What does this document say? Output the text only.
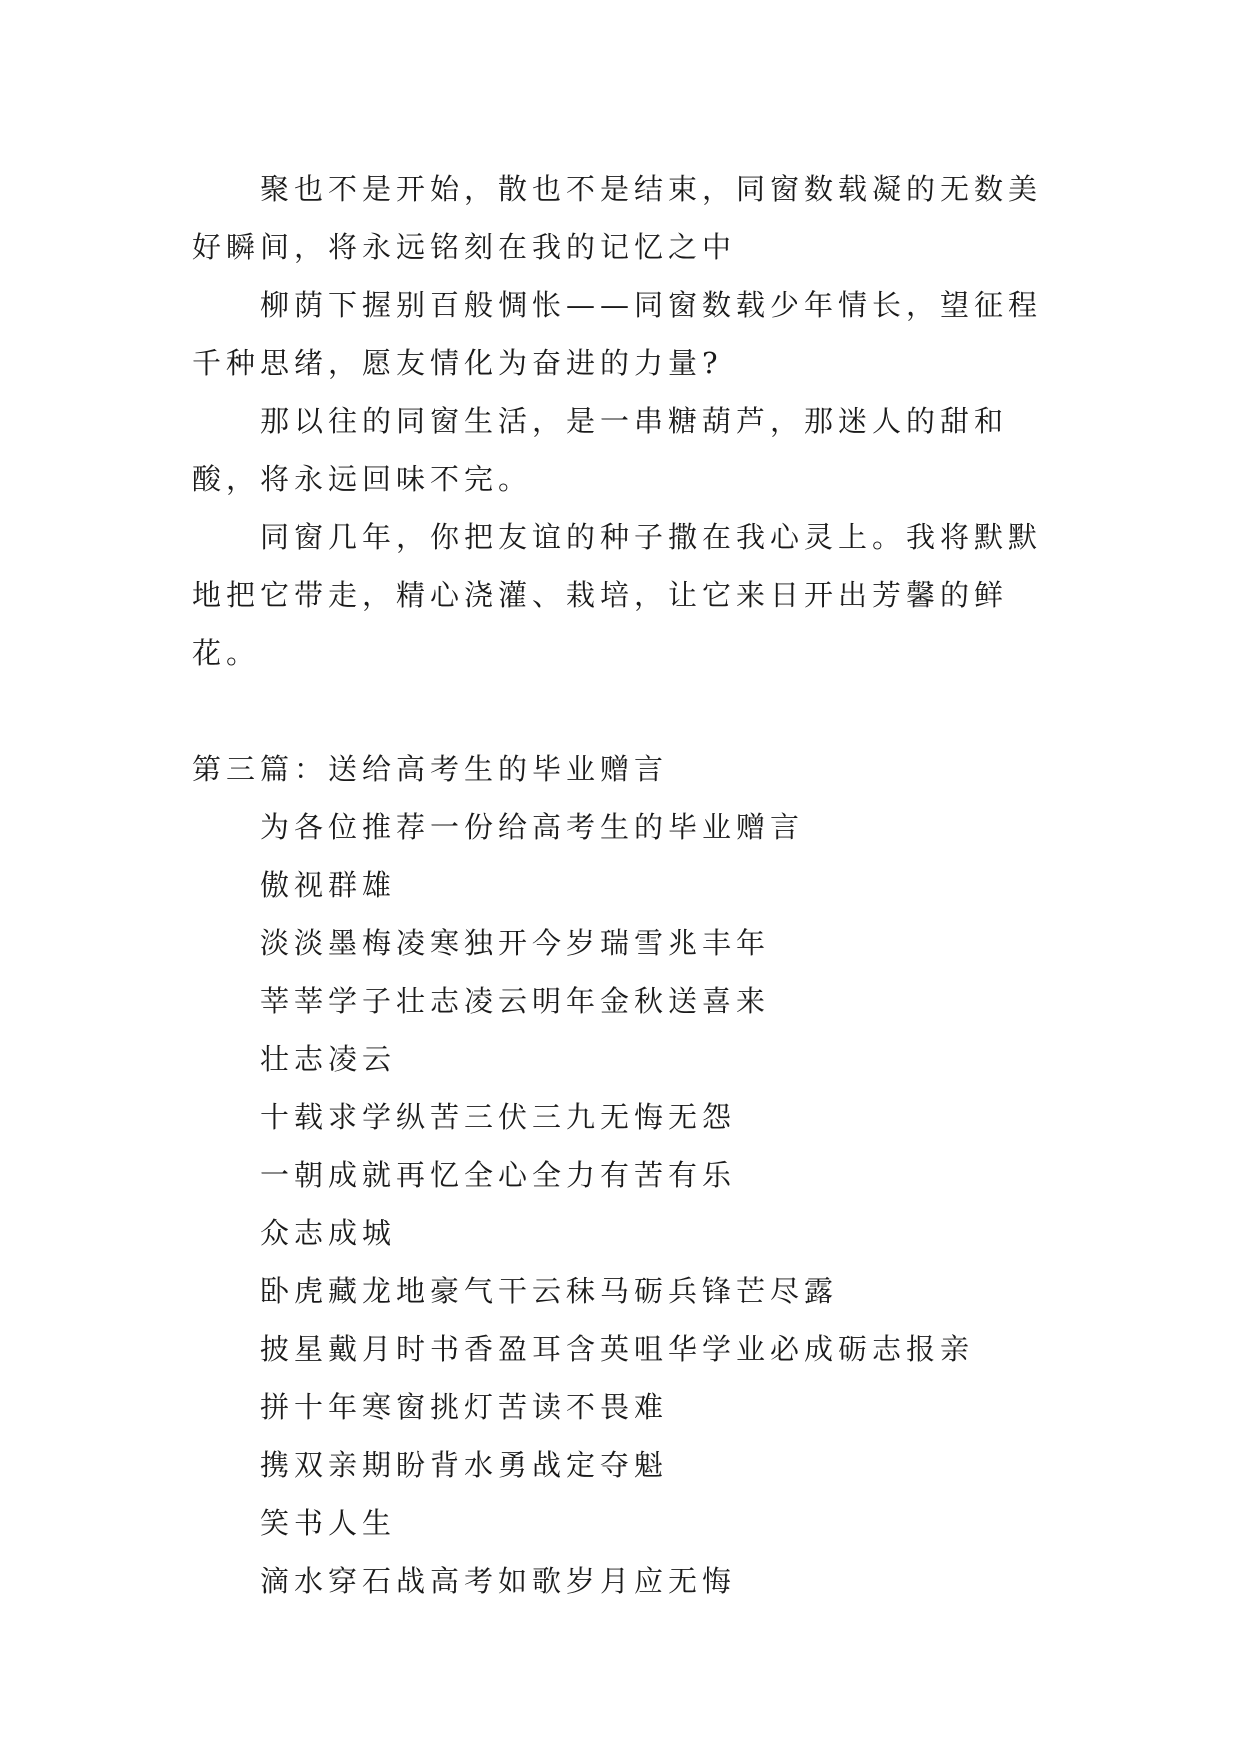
聚也不是开始，散也不是结束，同窗数载凝的无数美好瞬间，将永远铭刻在我的记忆之中

柳荫下握别百般惆怅——同窗数载少年情长，望征程千种思绪，愿友情化为奋进的力量?

那以往的同窗生活，是一串糖葫芦，那迷人的甜和酸，将永远回味不完。

同窗几年，你把友谊的种子撒在我心灵上。我将默默地把它带走，精心浇灌、栽培，让它来日开出芳馨的鲜花。

第三篇：送给高考生的毕业赠言

为各位推荐一份给高考生的毕业赠言

傲视群雄

淡淡墨梅凌寒独开今岁瑞雪兆丰年

莘莘学子壮志凌云明年金秋送喜来

壮志凌云

十载求学纵苦三伏三九无悔无怨

一朝成就再忆全心全力有苦有乐

众志成城

卧虎藏龙地豪气干云秣马砺兵锋芒尽露

披星戴月时书香盈耳含英咀华学业必成砺志报亲

拼十年寒窗挑灯苦读不畏难

携双亲期盼背水勇战定夺魁

笑书人生

滴水穿石战高考如歌岁月应无悔
